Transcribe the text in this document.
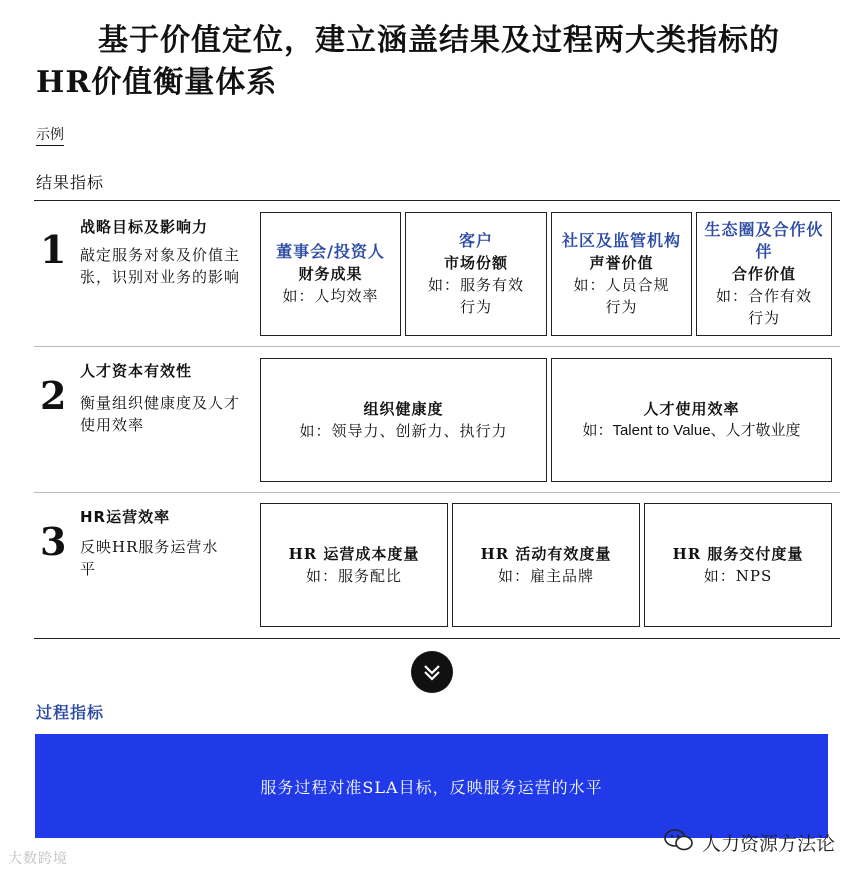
基于价值定位，建立涵盖结果及过程两大类指标的
HR价值衡量体系
示例
结果指标
1 战略目标及影响力
敲定服务对象及价值主张，识别对业务的影响
董事会/投资人
财务成果
如：人均效率
客户
市场份额
如：服务有效行为
社区及监管机构
声誉价值
如：人员合规行为
生态圈及合作伙伴
合作价值
如：合作有效行为
2
人才资本有效性
衡量组织健康度及人才使用效率
组织健康度
如：领导力、创新力、执行力
人才使用效率
如：Talent to Value、人才敬业度
3
HR运营效率
反映HR服务运营水平
HR 运营成本度量
如：服务配比
HR 活动有效度量
如：雇主品牌
HR 服务交付度量
如：NPS
过程指标
服务过程对准SLA目标，反映服务运营的水平
大数跨境
人力资源方法论
